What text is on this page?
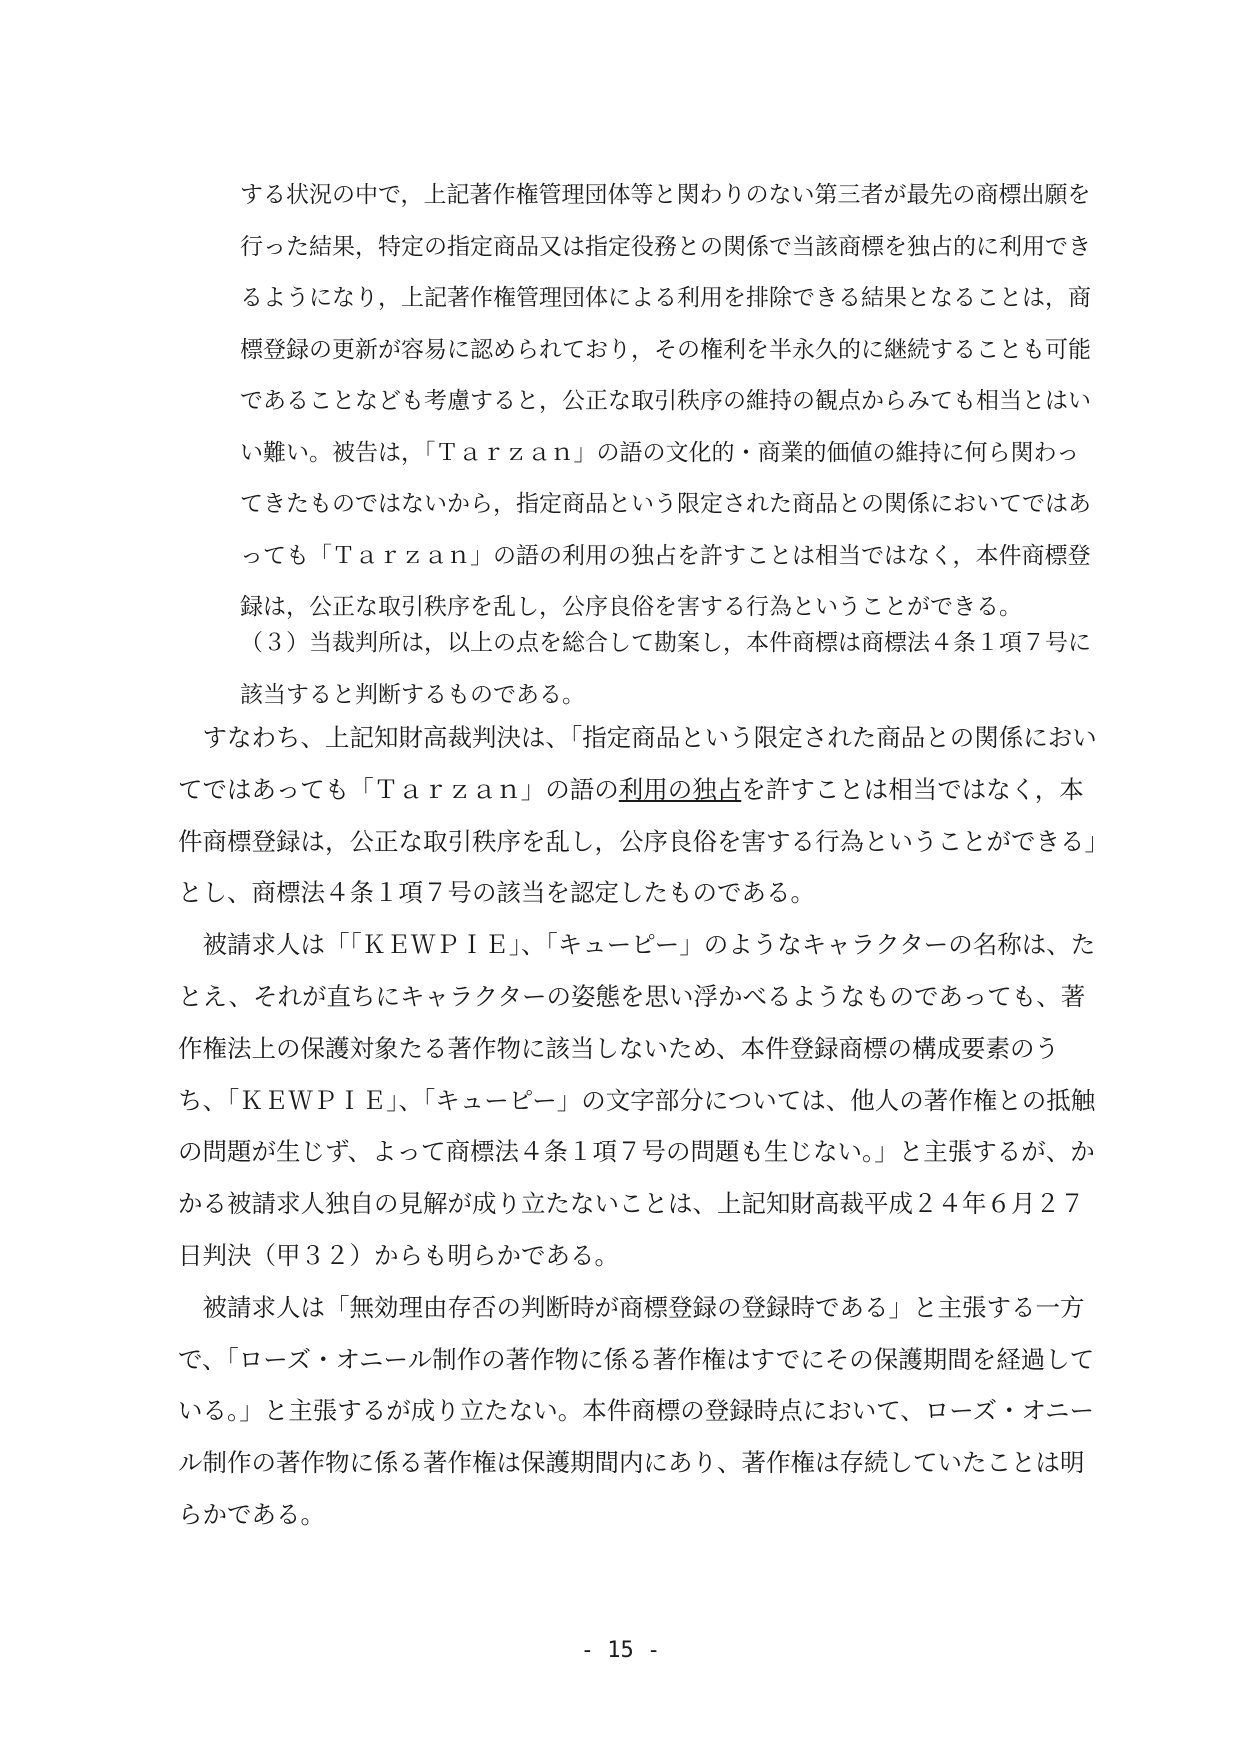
する状況の中で，上記著作権管理団体等と関わりのない第三者が最先の商標出願を行った結果，特定の指定商品又は指定役務との関係で当該商標を独占的に利用できるようになり，上記著作権管理団体による利用を排除できる結果となることは，商標登録の更新が容易に認められており，その権利を半永久的に継続することも可能であることなども考慮すると，公正な取引秩序の維持の観点からみても相当とはいい難い。被告は，「Ｔａｒｚａｎ」の語の文化的・商業的価値の維持に何ら関わってきたものではないから，指定商品という限定された商品との関係においてではあっても「Ｔａｒｚａｎ」の語の利用の独占を許すことは相当ではなく，本件商標登録は，公正な取引秩序を乱し，公序良俗を害する行為ということができる。

（３）当裁判所は，以上の点を総合して勘案し，本件商標は商標法４条１項７号に

該当すると判断するものである。

すなわち、上記知財高裁判決は、「指定商品という限定された商品との関係においてではあっても「Ｔａｒｚａｎ」の語の利用の独占を許すことは相当ではなく，本件商標登録は，公正な取引秩序を乱し，公序良俗を害する行為ということができる」とし、商標法４条１項７号の該当を認定したものである。

被請求人は「「ＫＥＷＰＩＥ」、「キューピー」のようなキャラクターの名称は、たとえ、それが直ちにキャラクターの姿態を思い浮かべるようなものであっても、著作権法上の保護対象たる著作物に該当しないため、本件登録商標の構成要素のうち、「ＫＥＷＰＩＥ」、「キューピー」の文字部分については、他人の著作権との抵触の問題が生じず、よって商標法４条１項７号の問題も生じない。」と主張するが、かかる被請求人独自の見解が成り立たないことは、上記知財高裁平成２４年６月２７日判決（甲３２）からも明らかである。

被請求人は「無効理由存否の判断時が商標登録の登録時である」と主張する一方で、「ローズ・オニール制作の著作物に係る著作権はすでにその保護期間を経過している。」と主張するが成り立たない。本件商標の登録時点において、ローズ・オニール制作の著作物に係る著作権は保護期間内にあり、著作権は存続していたことは明らかである。

- 15 -
